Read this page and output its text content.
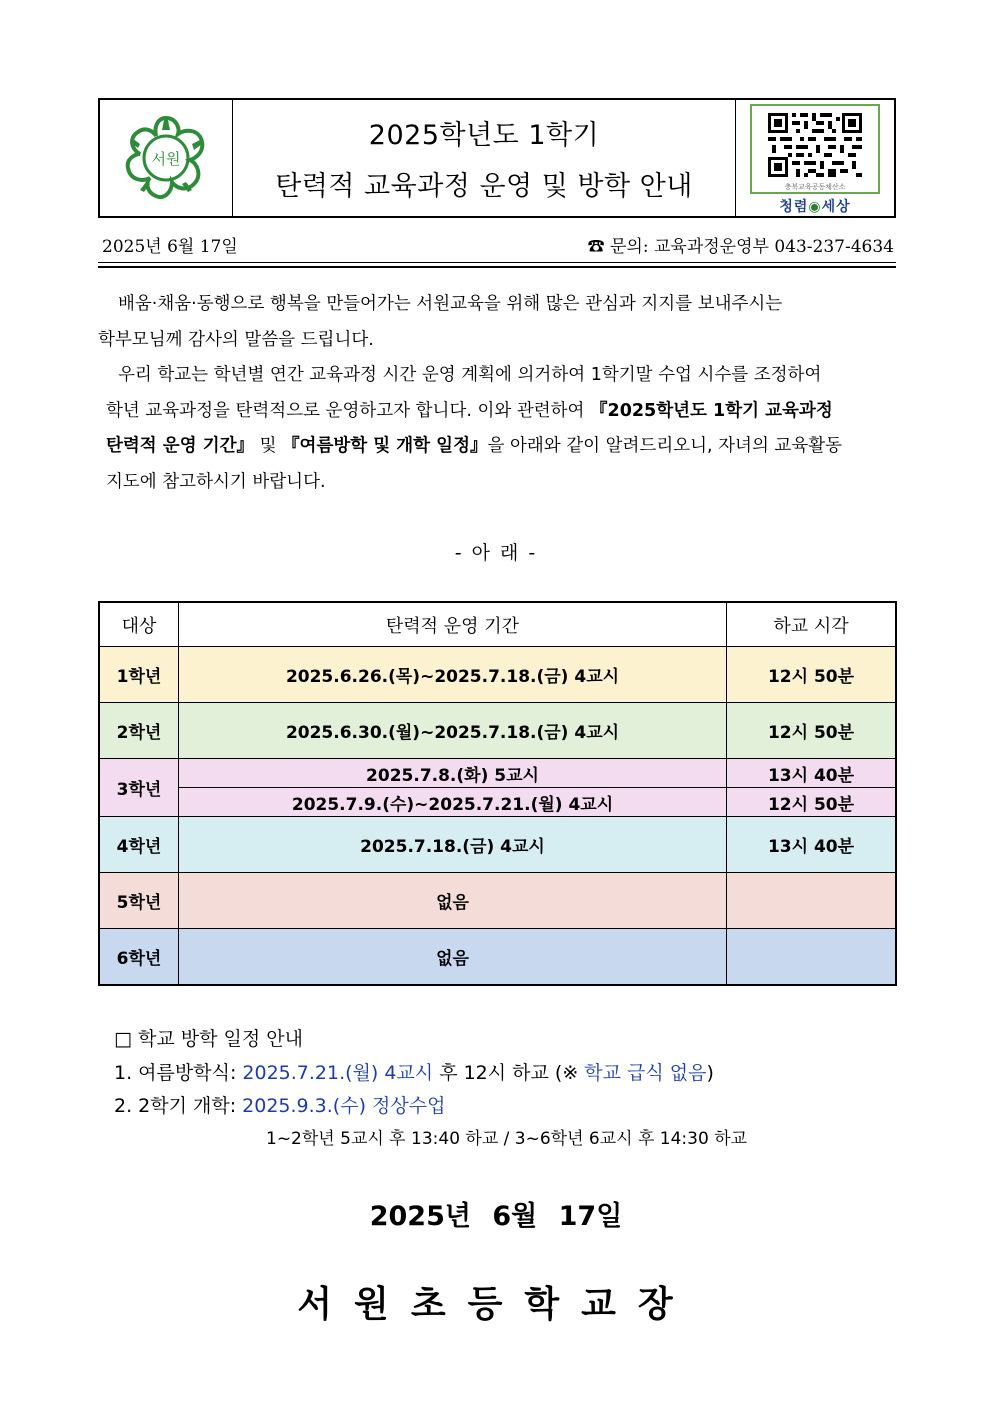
서원
2025학년도 1학기
탄력적 교육과정 운영 및 방학 안내	충북교육공동체산소
청렴◉세상
2025년 6월 17일	☎ 문의: 교육과정운영부 043-237-4634
배움·채움·동행으로 행복을 만들어가는 서원교육을 위해 많은 관심과 지지를 보내주시는
학부모님께 감사의 말씀을 드립니다.
우리 학교는 학년별 연간 교육과정 시간 운영 계획에 의거하여 1학기말 수업 시수를 조정하여
학년 교육과정을 탄력적으로 운영하고자 합니다. 이와 관련하여 『2025학년도 1학기 교육과정
탄력적 운영 기간』 및 『여름방학 및 개학 일정』을 아래와 같이 알려드리오니, 자녀의 교육활동
지도에 참고하시기 바랍니다.
- 아 래 -
대상	탄력적 운영 기간	하교 시각
1학년	2025.6.26.(목)~2025.7.18.(금) 4교시	12시 50분
2학년	2025.6.30.(월)~2025.7.18.(금) 4교시	12시 50분
3학년	2025.7.8.(화) 5교시	13시 40분
	2025.7.9.(수)~2025.7.21.(월) 4교시	12시 50분
4학년	2025.7.18.(금) 4교시	13시 40분
5학년	없음	
6학년	없음	
□ 학교 방학 일정 안내
1. 여름방학식: 2025.7.21.(월) 4교시 후 12시 하교 (※ 학교 급식 없음)
2. 2학기 개학: 2025.9.3.(수) 정상수업
1~2학년 5교시 후 13:40 하교 / 3~6학년 6교시 후 14:30 하교
2025년 6월 17일
서원초등학교장
